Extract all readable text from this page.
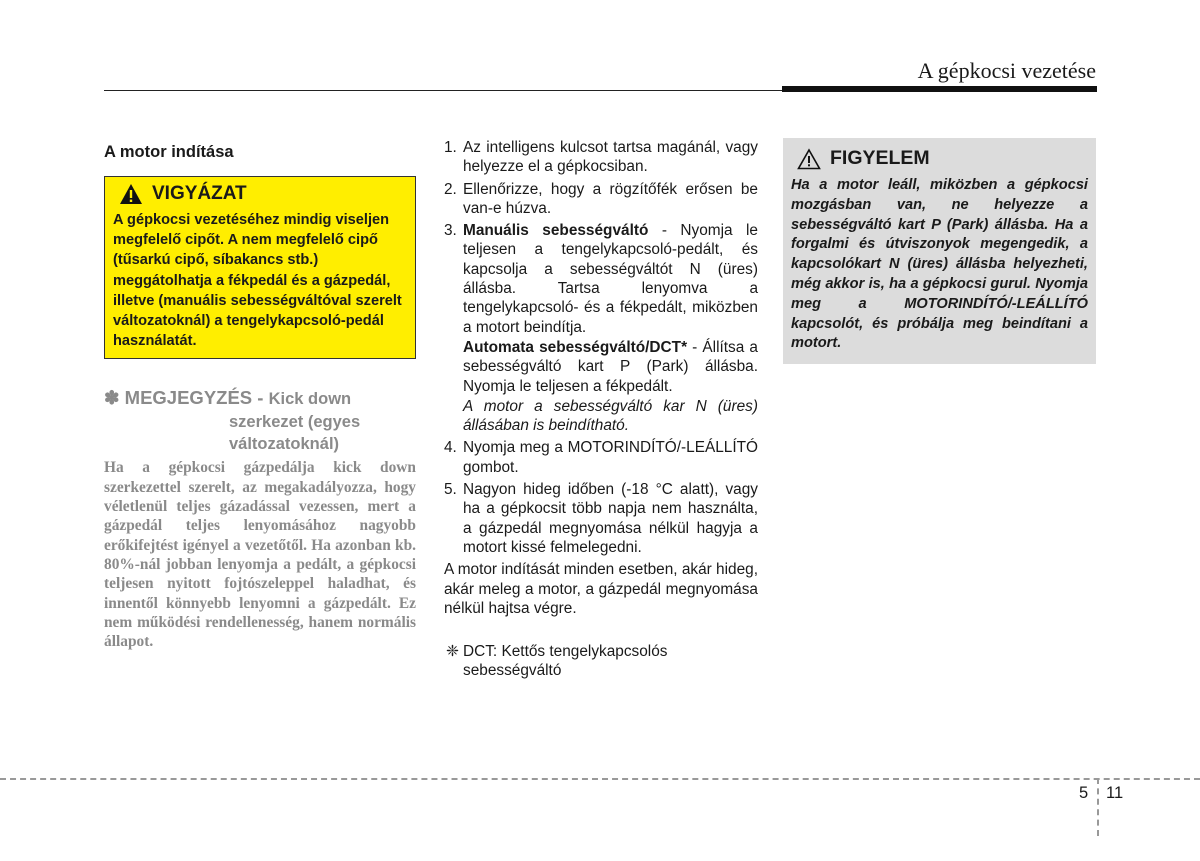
A gépkocsi vezetése
A motor indítása
VIGYÁZAT
A gépkocsi vezetéséhez mindig viseljen megfelelő cipőt. A nem megfelelő cipő (tűsarkú cipő, síbakancs stb.) meggátolhatja a fékpedál és a gázpedál, illetve (manuális sebességváltóval szerelt változatoknál) a tengelykapcsoló-pedál használatát.
✽ MEGJEGYZÉS - Kick down
szerkezet (egyes
változatoknál)
Ha a gépkocsi gázpedálja kick down szerkezettel szerelt, az megakadályozza, hogy véletlenül teljes gázadással vezessen, mert a gázpedál teljes lenyomásához nagyobb erőkifejtést igényel a vezetőtől. Ha azonban kb. 80%-nál jobban lenyomja a pedált, a gépkocsi teljesen nyitott fojtószeleppel haladhat, és innentől könnyebb lenyomni a gázpedált. Ez nem működési rendellenesség, hanem normális állapot.
1. Az intelligens kulcsot tartsa magánál, vagy helyezze el a gépkocsiban.
2. Ellenőrizze, hogy a rögzítőfék erősen be van-e húzva.
3. Manuális sebességváltó - Nyomja le teljesen a tengelykapcsoló-pedált, és kapcsolja a sebességváltót N (üres) állásba. Tartsa lenyomva a tengelykapcsoló- és a fékpedált, miközben a motort beindítja.
Automata sebességváltó/DCT* - Állítsa a sebességváltó kart P (Park) állásba. Nyomja le teljesen a fékpedált.
A motor a sebességváltó kar N (üres) állásában is beindítható.
4. Nyomja meg a MOTORINDÍTÓ/-LEÁLLÍTÓ gombot.
5. Nagyon hideg időben (-18 °C alatt), vagy ha a gépkocsit több napja nem használta, a gázpedál megnyomása nélkül hagyja a motort kissé felmelegedni.
A motor indítását minden esetben, akár hideg, akár meleg a motor, a gázpedál megnyomása nélkül hajtsa végre.
❈ DCT: Kettős tengelykapcsolós sebességváltó
FIGYELEM
Ha a motor leáll, miközben a gépkocsi mozgásban van, ne helyezze a sebességváltó kart P (Park) állásba. Ha a forgalmi és útviszonyok megengedik, a kapcsolókart N (üres) állásba helyezheti, még akkor is, ha a gépkocsi gurul. Nyomja meg a MOTORINDÍTÓ/-LEÁLLÍTÓ kapcsolót, és próbálja meg beindítani a motort.
5 11
